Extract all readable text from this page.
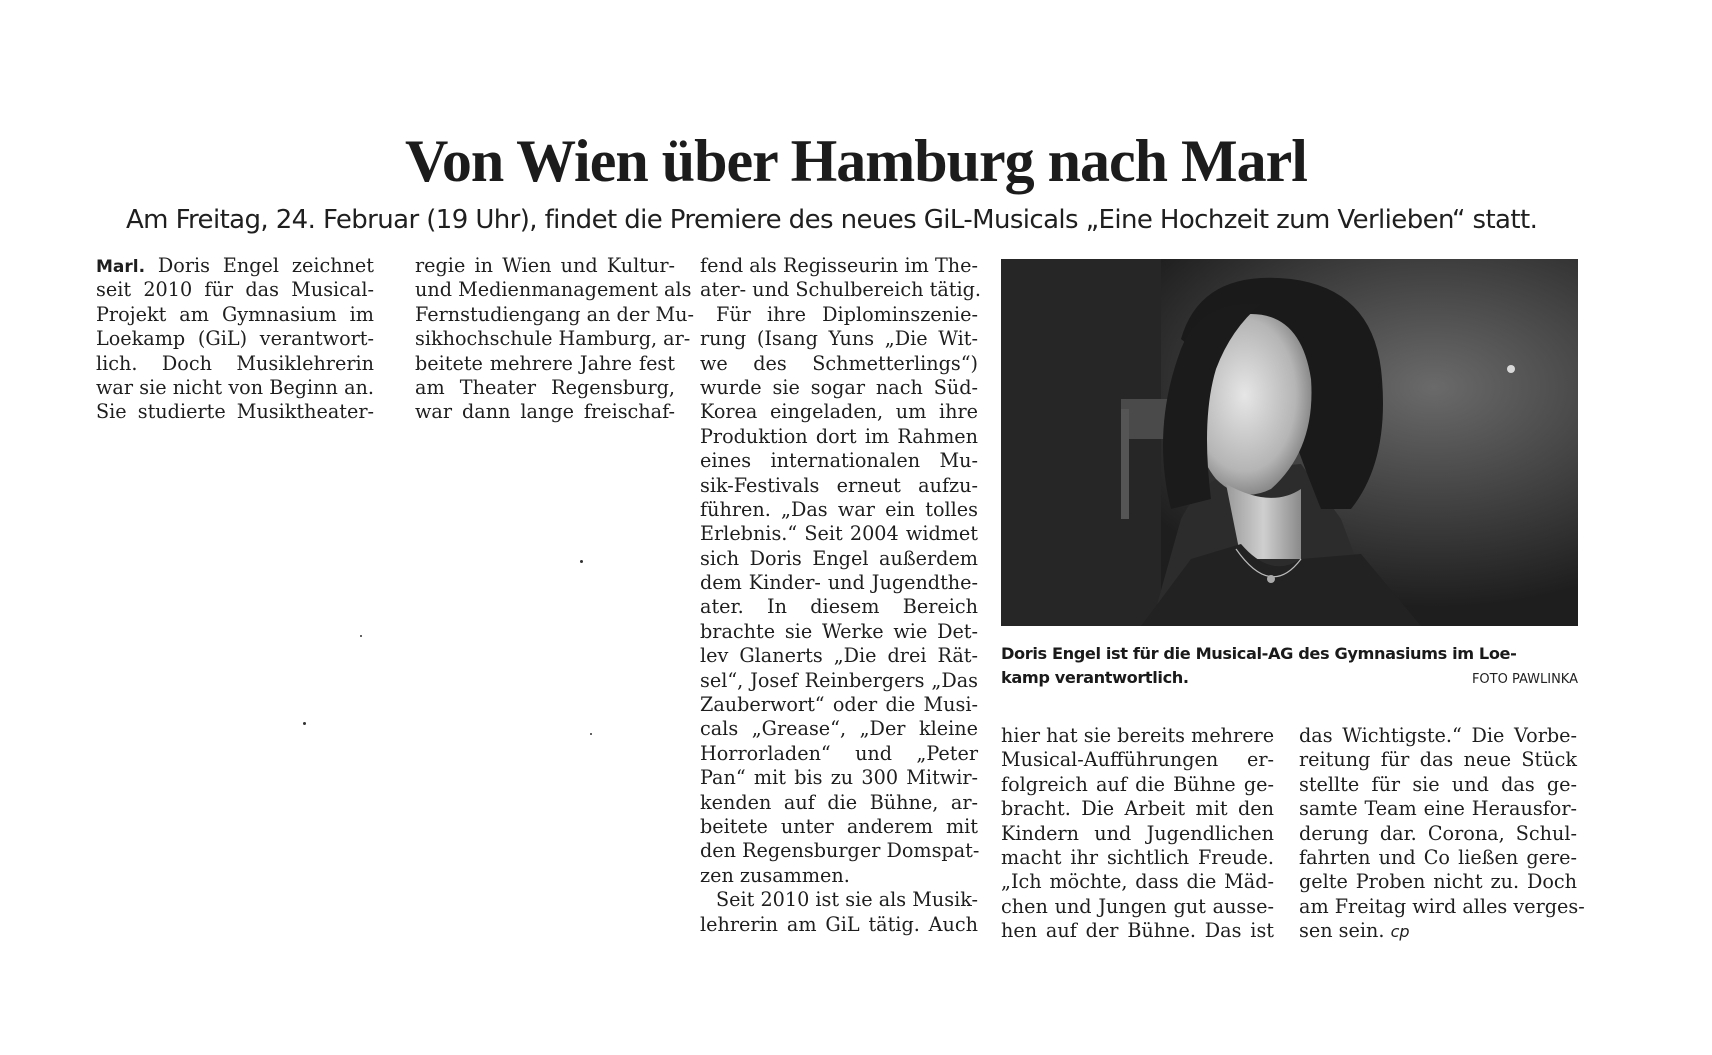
Von Wien über Hamburg nach Marl
Am Freitag, 24. Februar (19 Uhr), findet die Premiere des neues GiL-Musicals „Eine Hochzeit zum Verlieben“ statt.
Marl. Doris Engel zeichnet
seit 2010 für das Musical-
Projekt am Gymnasium im
Loekamp (GiL) verantwort-
lich. Doch Musiklehrerin
war sie nicht von Beginn an.
Sie studierte Musiktheater-
regie in Wien und Kultur-
und Medienmanagement als
Fernstudiengang an der Mu-
sikhochschule Hamburg, ar-
beitete mehrere Jahre fest
am Theater Regensburg,
war dann lange freischaf-
fend als Regisseurin im The-
ater- und Schulbereich tätig.
Für ihre Diplominszenie-
rung (Isang Yuns „Die Wit-
we des Schmetterlings“)
wurde sie sogar nach Süd-
Korea eingeladen, um ihre
Produktion dort im Rahmen
eines internationalen Mu-
sik-Festivals erneut aufzu-
führen. „Das war ein tolles
Erlebnis.“ Seit 2004 widmet
sich Doris Engel außerdem
dem Kinder- und Jugendthe-
ater. In diesem Bereich
brachte sie Werke wie Det-
lev Glanerts „Die drei Rät-
sel“, Josef Reinbergers „Das
Zauberwort“ oder die Musi-
cals „Grease“, „Der kleine
Horrorladen“ und „Peter
Pan“ mit bis zu 300 Mitwir-
kenden auf die Bühne, ar-
beitete unter anderem mit
den Regensburger Domspat-
zen zusammen.
Seit 2010 ist sie als Musik-
lehrerin am GiL tätig. Auch
Doris Engel ist für die Musical-AG des Gymnasiums im Loe-
kamp verantwortlich.	FOTO PAWLINKA
hier hat sie bereits mehrere
Musical-Aufführungen er-
folgreich auf die Bühne ge-
bracht. Die Arbeit mit den
Kindern und Jugendlichen
macht ihr sichtlich Freude.
„Ich möchte, dass die Mäd-
chen und Jungen gut ausse-
hen auf der Bühne. Das ist
das Wichtigste.“ Die Vorbe-
reitung für das neue Stück
stellte für sie und das ge-
samte Team eine Herausfor-
derung dar. Corona, Schul-
fahrten und Co ließen gere-
gelte Proben nicht zu. Doch
am Freitag wird alles verges-
sen sein. cp
